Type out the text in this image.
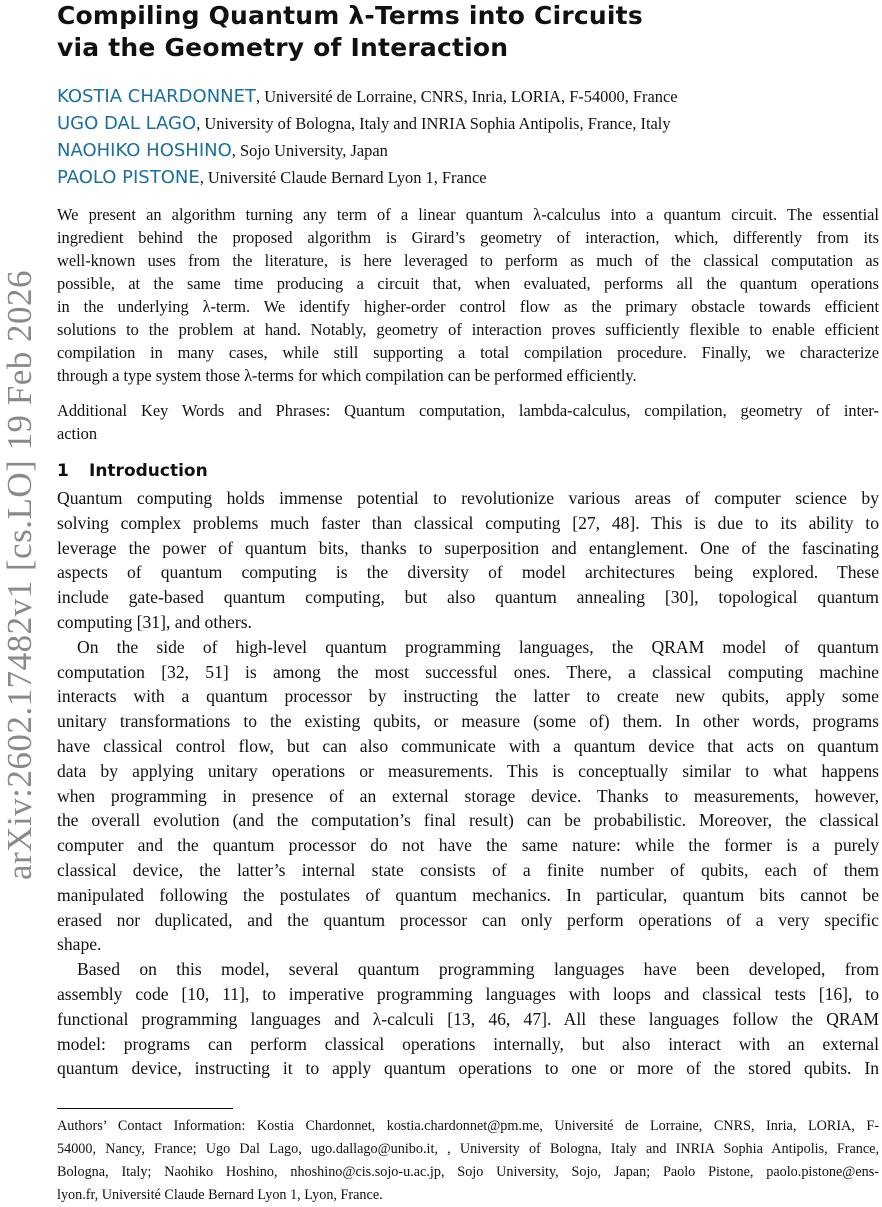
arXiv:2602.17482v1 [cs.LO] 19 Feb 2026
Compiling Quantum λ-Terms into Circuits
via the Geometry of Interaction
KOSTIA CHARDONNET, Université de Lorraine, CNRS, Inria, LORIA, F-54000, France
UGO DAL LAGO, University of Bologna, Italy and INRIA Sophia Antipolis, France, Italy
NAOHIKO HOSHINO, Sojo University, Japan
PAOLO PISTONE, Université Claude Bernard Lyon 1, France
We present an algorithm turning any term of a linear quantum λ-calculus into a quantum circuit. The essential
ingredient behind the proposed algorithm is Girard’s geometry of interaction, which, differently from its
well-known uses from the literature, is here leveraged to perform as much of the classical computation as
possible, at the same time producing a circuit that, when evaluated, performs all the quantum operations
in the underlying λ-term. We identify higher-order control flow as the primary obstacle towards efficient
solutions to the problem at hand. Notably, geometry of interaction proves sufficiently flexible to enable efficient
compilation in many cases, while still supporting a total compilation procedure. Finally, we characterize
through a type system those λ-terms for which compilation can be performed efficiently.
Additional Key Words and Phrases: Quantum computation, lambda-calculus, compilation, geometry of inter-
action
1 Introduction
Quantum computing holds immense potential to revolutionize various areas of computer science by
solving complex problems much faster than classical computing [27, 48]. This is due to its ability to
leverage the power of quantum bits, thanks to superposition and entanglement. One of the fascinating
aspects of quantum computing is the diversity of model architectures being explored. These
include gate-based quantum computing, but also quantum annealing [30], topological quantum
computing [31], and others.
On the side of high-level quantum programming languages, the QRAM model of quantum
computation [32, 51] is among the most successful ones. There, a classical computing machine
interacts with a quantum processor by instructing the latter to create new qubits, apply some
unitary transformations to the existing qubits, or measure (some of) them. In other words, programs
have classical control flow, but can also communicate with a quantum device that acts on quantum
data by applying unitary operations or measurements. This is conceptually similar to what happens
when programming in presence of an external storage device. Thanks to measurements, however,
the overall evolution (and the computation’s final result) can be probabilistic. Moreover, the classical
computer and the quantum processor do not have the same nature: while the former is a purely
classical device, the latter’s internal state consists of a finite number of qubits, each of them
manipulated following the postulates of quantum mechanics. In particular, quantum bits cannot be
erased nor duplicated, and the quantum processor can only perform operations of a very specific
shape.
Based on this model, several quantum programming languages have been developed, from
assembly code [10, 11], to imperative programming languages with loops and classical tests [16], to
functional programming languages and λ-calculi [13, 46, 47]. All these languages follow the QRAM
model: programs can perform classical operations internally, but also interact with an external
quantum device, instructing it to apply quantum operations to one or more of the stored qubits. In
Authors’ Contact Information: Kostia Chardonnet, kostia.chardonnet@pm.me, Université de Lorraine, CNRS, Inria, LORIA, F-
54000, Nancy, France; Ugo Dal Lago, ugo.dallago@unibo.it, , University of Bologna, Italy and INRIA Sophia Antipolis, France,
Bologna, Italy; Naohiko Hoshino, nhoshino@cis.sojo-u.ac.jp, Sojo University, Sojo, Japan; Paolo Pistone, paolo.pistone@ens-
lyon.fr, Université Claude Bernard Lyon 1, Lyon, France.
